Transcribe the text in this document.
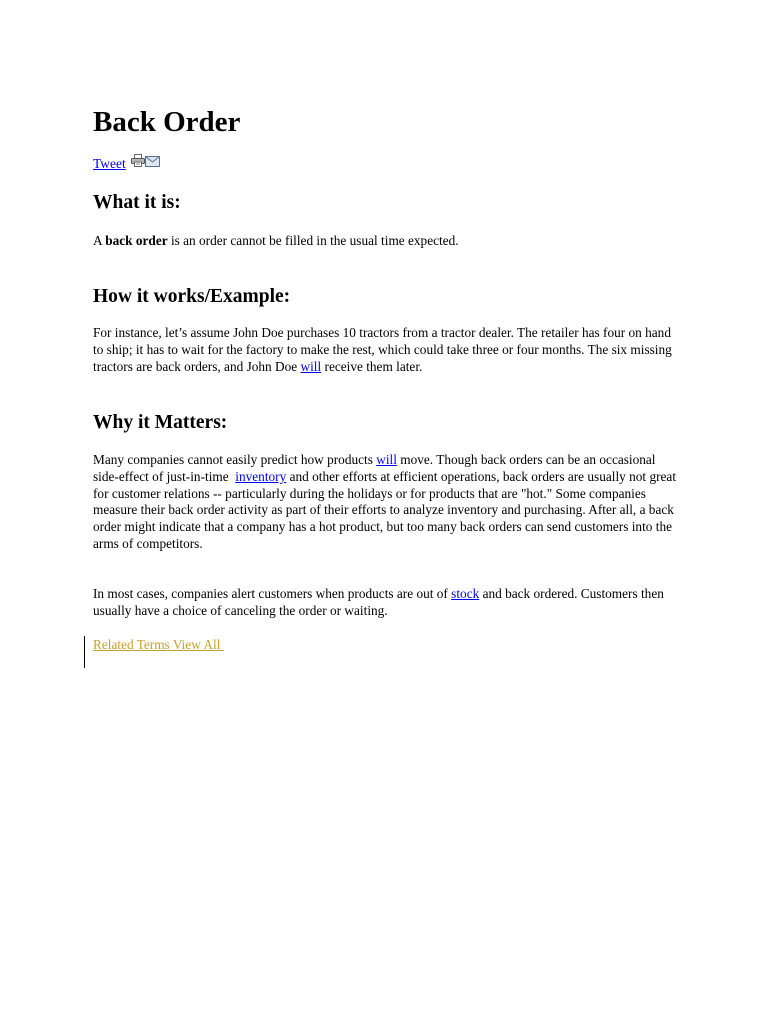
Back Order
Tweet
What it is:

A back order is an order cannot be filled in the usual time expected.

How it works/Example:

For instance, let’s assume John Doe purchases 10 tractors from a tractor dealer. The retailer has four on hand to ship; it has to wait for the factory to make the rest, which could take three or four months. The six missing tractors are back orders, and John Doe will receive them later.

Why it Matters:

Many companies cannot easily predict how products will move. Though back orders can be an occasional side-effect of just-in-time  inventory and other efforts at efficient operations, back orders are usually not great for customer relations -- particularly during the holidays or for products that are "hot." Some companies measure their back order activity as part of their efforts to analyze inventory and purchasing. After all, a back order might indicate that a company has a hot product, but too many back orders can send customers into the arms of competitors.

In most cases, companies alert customers when products are out of stock and back ordered. Customers then usually have a choice of canceling the order or waiting.

Related Terms View All
